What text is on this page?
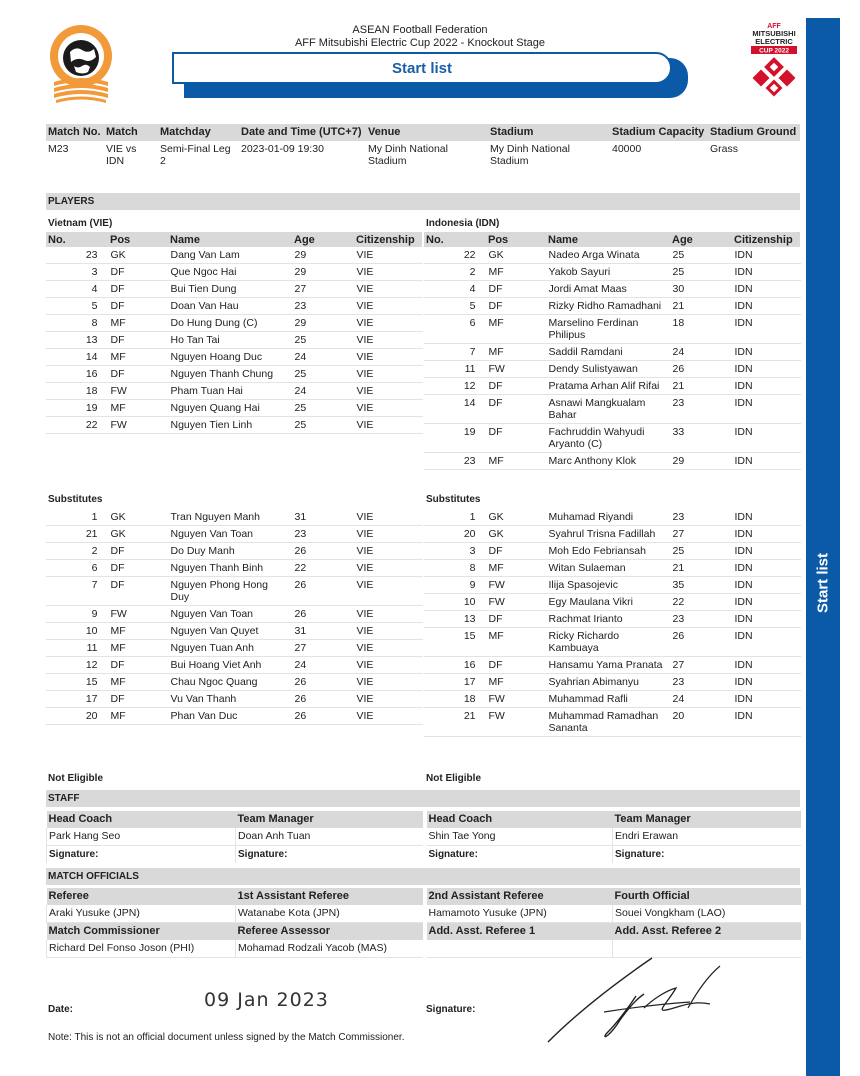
Start list
AFF
MITSUBISHI
ELECTRIC
CUP 2022
ASEAN Football Federation
AFF Mitsubishi Electric Cup 2022 - Knockout Stage
Start list
Match No.	Match	Matchday	Date and Time (UTC+7)	Venue	Stadium	Stadium Capacity	Stadium Ground
M23	VIE vs IDN	Semi-Final Leg 2	2023-01-09 19:30	My Dinh National Stadium	My Dinh National Stadium	40000	Grass
PLAYERS
Vietnam (VIE)	Indonesia (IDN)
No.	Pos	Name	Age	Citizenship
23	GK	Dang Van Lam	29	VIE
3	DF	Que Ngoc Hai	29	VIE
4	DF	Bui Tien Dung	27	VIE
5	DF	Doan Van Hau	23	VIE
8	MF	Do Hung Dung (C)	29	VIE
13	DF	Ho Tan Tai	25	VIE
14	MF	Nguyen Hoang Duc	24	VIE
16	DF	Nguyen Thanh Chung	25	VIE
18	FW	Pham Tuan Hai	24	VIE
19	MF	Nguyen Quang Hai	25	VIE
22	FW	Nguyen Tien Linh	25	VIE
No.	Pos	Name	Age	Citizenship
22	GK	Nadeo Arga Winata	25	IDN
2	MF	Yakob Sayuri	25	IDN
4	DF	Jordi Amat Maas	30	IDN
5	DF	Rizky Ridho Ramadhani	21	IDN
6	MF	Marselino Ferdinan Philipus	18	IDN
7	MF	Saddil Ramdani	24	IDN
11	FW	Dendy Sulistyawan	26	IDN
12	DF	Pratama Arhan Alif Rifai	21	IDN
14	DF	Asnawi Mangkualam Bahar	23	IDN
19	DF	Fachruddin Wahyudi Aryanto (C)	33	IDN
23	MF	Marc Anthony Klok	29	IDN
Substitutes	Substitutes
1	GK	Tran Nguyen Manh	31	VIE
21	GK	Nguyen Van Toan	23	VIE
2	DF	Do Duy Manh	26	VIE
6	DF	Nguyen Thanh Binh	22	VIE
7	DF	Nguyen Phong Hong Duy	26	VIE
9	FW	Nguyen Van Toan	26	VIE
10	MF	Nguyen Van Quyet	31	VIE
11	MF	Nguyen Tuan Anh	27	VIE
12	DF	Bui Hoang Viet Anh	24	VIE
15	MF	Chau Ngoc Quang	26	VIE
17	DF	Vu Van Thanh	26	VIE
20	MF	Phan Van Duc	26	VIE
1	GK	Muhamad Riyandi	23	IDN
20	GK	Syahrul Trisna Fadillah	27	IDN
3	DF	Moh Edo Febriansah	25	IDN
8	MF	Witan Sulaeman	21	IDN
9	FW	Ilija Spasojevic	35	IDN
10	FW	Egy Maulana Vikri	22	IDN
13	DF	Rachmat Irianto	23	IDN
15	MF	Ricky Richardo Kambuaya	26	IDN
16	DF	Hansamu Yama Pranata	27	IDN
17	MF	Syahrian Abimanyu	23	IDN
18	FW	Muhammad Rafli	24	IDN
21	FW	Muhammad Ramadhan Sananta	20	IDN
Not Eligible	Not Eligible
STAFF
Head Coach	Team Manager	Head Coach	Team Manager
Park Hang Seo	Doan Anh Tuan	Shin Tae Yong	Endri Erawan
Signature:	Signature:	Signature:	Signature:
MATCH OFFICIALS
Referee	1st Assistant Referee	2nd Assistant Referee	Fourth Official
Araki Yusuke (JPN)	Watanabe Kota (JPN)	Hamamoto Yusuke (JPN)	Souei Vongkham (LAO)
Match Commissioner	Referee Assessor	Add. Asst. Referee 1	Add. Asst. Referee 2
Richard Del Fonso Joson (PHI)	Mohamad Rodzali Yacob (MAS)		
Date:	09 Jan 2023	Signature:
Note: This is not an official document unless signed by the Match Commissioner.
